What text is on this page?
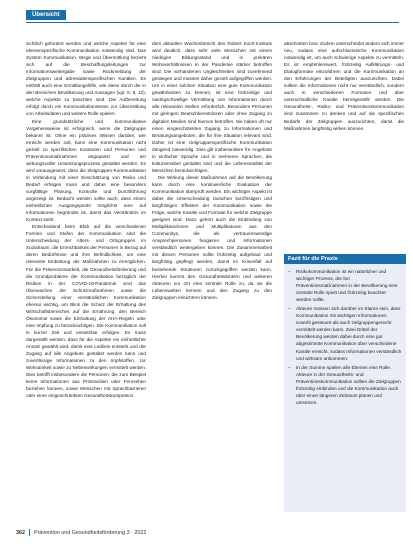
Übersicht

sichtlich gefordert werden und welche Aspekte für eine ebenenspezifische Kommunikation notwendig sind. Das System Kommunikation, Wege und Übermittlung bezieht sich auf die Beschaffungsleitungen zur Informationsweitergabe sowie Rückmeldung der Zielgruppen und adressatenspezifischen Kanälen. Es enthält auch eine Ermittlungshilfe, wie diese durch die in den Bereichen Bevölkerung und Aussagen (vgl. S. 8, 12), welche Aspekte zu beachten sind. Die Aufbereitung erfolgt durch ein Kommunikationsteam zur Übermittlung von Arbeitsdaten und weitere Rolle spielen.

Eine grundsätzliche und kommunikative Vorgehensweise ist erfolgreich, wenn die Zielgruppe bekannt ist. Ohne ein präzises Wissen darüber, wer erreicht werden soll, kann eine Kommunikation nicht gezielt zu spezifischen Kontexten und Personen und Präventionsmaßnahmen angepasst und ein wirkungsvoller Umsetzungsprozess gestaltet werden. Es wird vorausgesetzt, dass die Zielgruppen-Kommunikation in Verbindung mit einer Einschätzung von Risiko und Bedarf erfolgen muss und daher eine besonders sorgfältige Planung, Kontrolle und Durchführung angezeigt ist. Bedacht werden sollte auch, dass einem einheitlichen Ausgangspunkt möglichst eine auf Informationen begründet ist, damit das Verständnis im Kontext steht.

Entscheidend beim Blick auf die verschiedenen Formen und Stufen der Kommunikation sind die Unterscheidung der Alters- und Ortsgruppen im Sozialraum, die Erreichbarkeit der Personen in Bezug auf deren Bedürfnisse und ihre Befindlichkeit, um eine relevante Einbettung der Maßnahmen zu ermöglichen. Für die Präventionsarbeit, die Gesundheitsförderung und die Grundprobleme der Kommunikation bezüglich der Risiken in der COVID-19-Pandemie sind das Überwachen der Schutzmaßnahmen sowie die Sicherstellung einer verständlichen Kommunikation ebenso wichtig, um Blick die Schutz der Erhaltung des Wirtschaftsbereiches auf die Ernährung, den Bereich Ökonomie sowie die Einhaltung der AHA-Regeln oder eine Impfung zu berücksichtigen. Die Kommunikation soll in kurzer Zeit und umsetzbar erfolgen. Es muss dargestellt werden, dass für die Aspekte ein einheitlicher Ansatz gewählt wird, damit eine Leitlinie entsteht und der Zugang auf alle Angebote gestaltet werden kann und zuverlässige Informationen zu den Impfstoffen, zur Wirksamkeit sowie zu Nebenwirkungen vermittelt werden. Dies betrifft insbesondere die Personen, die zum Beispiel keine Informationen aus Printmedien oder Fernsehen beziehen können, sowie Menschen mit Sprachbarrieren oder einer eingeschränkten Gesundheitskompetenz.

dem aktuellen Wochenbericht des Robert Koch-Instituts wird deutlich, dass sehr viele Menschen mit einem niedrigen Bildungsstand und in prekären Wohnverhältnissen in der Pandemie stärker betroffen sind. Die vorhandenen Ungleichheiten sind zunehmend gestiegen und müssen daher gezielt aufgegriffen werden. Um in einer solchen Situation eine gute Kommunikation gewährleisten zu können, ist eine frühzeitige und niedrigschwellige Vermittlung von Informationen durch alle relevanten Stellen erforderlich. Besonders Personen mit geringen Deutschkenntnissen oder ohne Zugang zu digitalen Medien sind hiervon betroffen. Sie haben oft nur einen eingeschränkten Zugang zu Informationen und Beratungsangeboten, die für ihre Situation relevant sind. Daher ist eine zielgruppenspezifische Kommunikation dringend notwendig. Dies gilt insbesondere für Angebote in einfacher Sprache und in mehreren Sprachen, die kultursensibel gestaltet sind und die Lebensrealität der Menschen berücksichtigen.

Die Wirkung dieser Maßnahmen auf die Bevölkerung kann durch eine kontinuierliche Evaluation der Kommunikation überprüft werden. Ein wichtiger Aspekt ist dabei die Unterscheidung zwischen kurzfristigen und langfristigen Effekten der Kommunikation sowie die Frage, welche Kanäle und Formate für welche Zielgruppe geeignet sind. Dazu gehört auch die Einbindung von Multiplikatorinnen und Multiplikatoren aus den Communitys, die als vertrauenswürdige Ansprechpersonen fungieren und Informationen verständlich weitergeben können. Die Zusammenarbeit mit diesen Personen sollte frühzeitig aufgebaut und langfristig gepflegt werden, damit im Krisenfall auf bestehende Strukturen zurückgegriffen werden kann. Hierbei kommt den Gesundheitsämtern und weiteren Akteuren vor Ort eine zentrale Rolle zu, da sie die Lebenswelten kennen und den Zugang zu den Zielgruppen erleichtern können.

abschnitten bzw. Zudem unterscheidet ändern sich immer neu, sodass eine aufschlussreiche Kommunikation notwendig ist, um auch schwierige Aspekte zu vermitteln. Es ist empfehlenswert, frühzeitig Aufklärungs- und Dialogformate einzuführen und die Kommunikation an den Erfahrungen der Beteiligten auszurichten. Dabei sollten die Informationen nicht nur verständlich, sondern auch in verschiedenen Formaten und über unterschiedliche Kanäle bereitgestellt werden. Die Gesundheits-, Risiko- und Präventionskommunikation sind zusammen zu denken und auf die spezifischen Bedarfe der Zielgruppen auszurichten, damit die Maßnahmen langfristig wirken können.

Fazit für die Praxis
– Risikokommunikation ist ein natürlicher und wichtiger Prozess, der bei Präventionsmaßnahmen in der Bevölkerung eine zentrale Rolle spielt und frühzeitig beachtet werden sollte.
– Akteure müssen sich darüber im Klaren sein, dass Kommunikation mit wichtigen Informationen sowohl gesteuert als auch zielgruppengerecht vermittelt werden kann. Zwei Drittel der Bevölkerung werden dabei durch eine gut abgestimmte Kommunikation über verschiedene Kanäle erreicht, sodass Informationen verständlich und wirksam ankommen.
– In der Summe spielen alle Ebenen eine Rolle. Akteure in der Gesundheits- und Präventionskommunikation sollten die Zielgruppen frühzeitig einbinden und die Kommunikation auch über einen längeren Zeitraum planen und umsetzen.
362 Prävention und Gesundheitsförderung 3 · 2022
